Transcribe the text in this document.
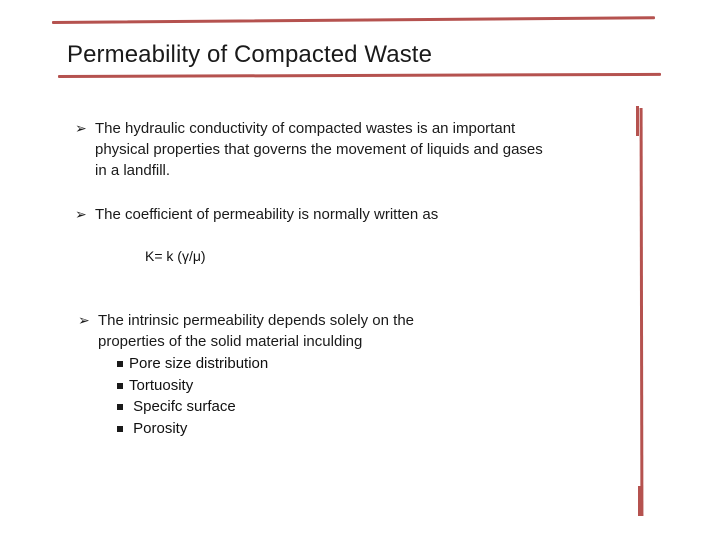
Permeability of Compacted Waste
➢ The hydraulic conductivity of compacted wastes is an important
physical properties that governs the movement of liquids and gases
in a landfill.
➢ The coefficient of permeability is normally written as
K= k (γ/μ)
➢ The intrinsic permeability depends solely on the
properties of the solid material inculding
Pore size distribution
Tortuosity
Specifc surface
Porosity
